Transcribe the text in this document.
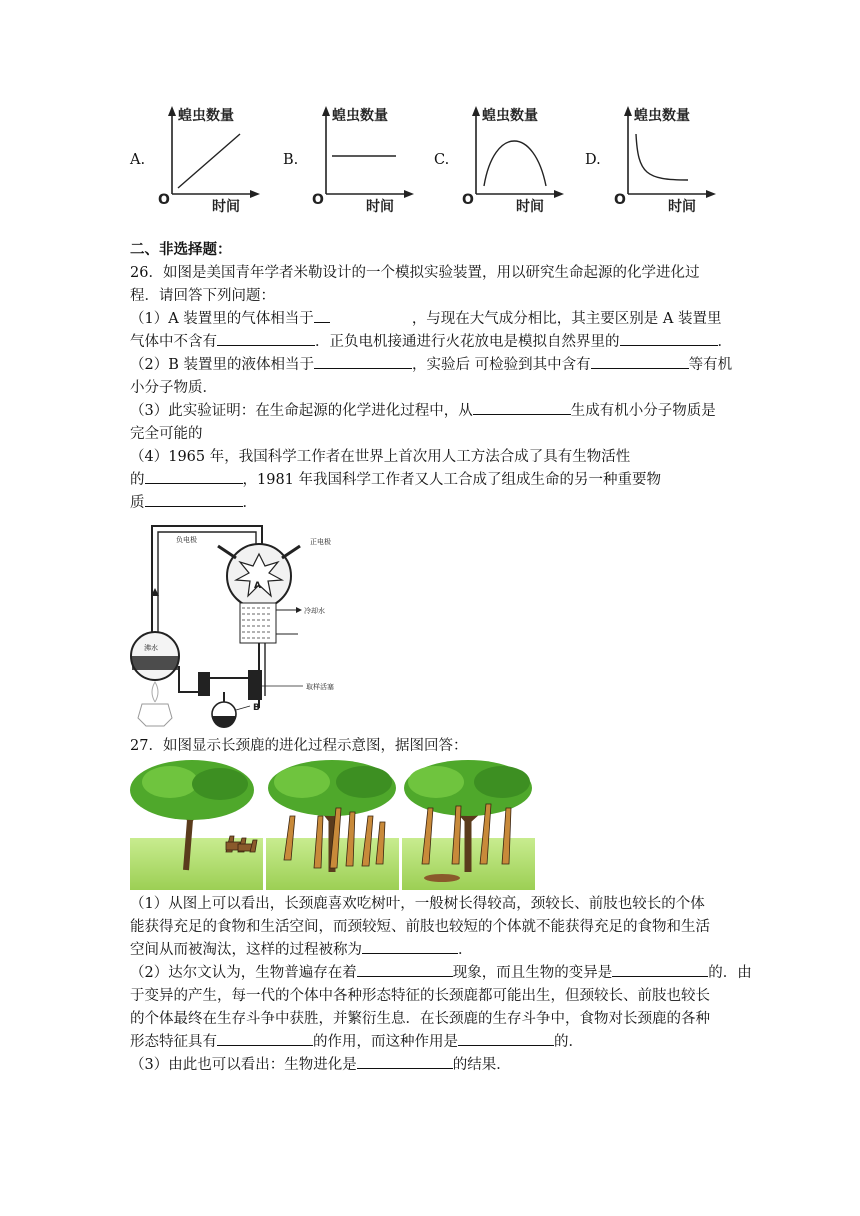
A.	B.	C.	D.
蝗虫数量
时间
O
蝗虫数量
时间
O
蝗虫数量
时间
O
蝗虫数量
时间
O
二、非选择题：
26．如图是美国青年学者米勒设计的一个模拟实验装置，用以研究生命起源的化学进化过
程．请回答下列问题：
（1）A 装置里的气体相当于	，与现在大气成分相比，其主要区别是 A 装置里
气体中不含有	．正负电机接通进行火花放电是模拟自然界里的	．
（2）B 装置里的液体相当于	，实验后 可检验到其中含有	等有机
小分子物质．
（3）此实验证明：在生命起源的化学进化过程中，从	生成有机小分子物质是
完全可能的
（4）1965 年，我国科学工作者在世界上首次用人工方法合成了具有生物活性
的	，1981 年我国科学工作者又人工合成了组成生命的另一种重要物
质	．
A
负电极	正电极
冷却水
沸水
取样活塞
B
27．如图显示长颈鹿的进化过程示意图，据图回答：
（1）从图上可以看出，长颈鹿喜欢吃树叶，一般树长得较高，颈较长、前肢也较长的个体
能获得充足的食物和生活空间，而颈较短、前肢也较短的个体就不能获得充足的食物和生活
空间从而被淘汰，这样的过程被称为	．
（2）达尔文认为，生物普遍存在着	现象，而且生物的变异是	的．由
于变异的产生，每一代的个体中各种形态特征的长颈鹿都可能出生，但颈较长、前肢也较长
的个体最终在生存斗争中获胜，并繁衍生息．在长颈鹿的生存斗争中，食物对长颈鹿的各种
形态特征具有	的作用，而这种作用是	的．
（3）由此也可以看出：生物进化是	的结果．
